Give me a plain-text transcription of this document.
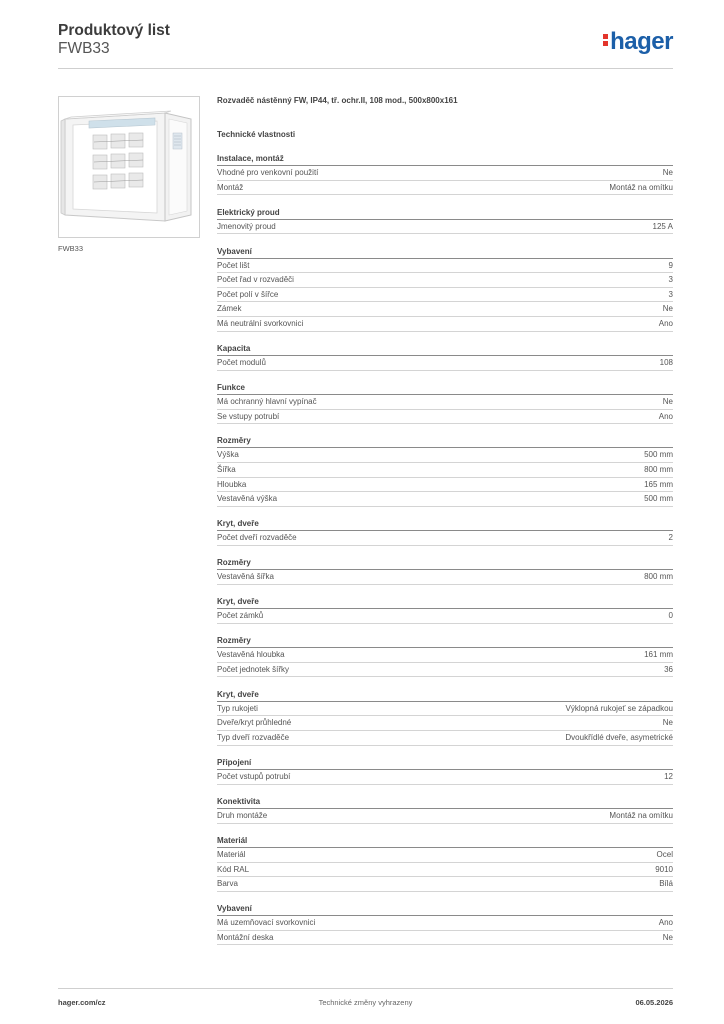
Produktový list
FWB33	hager
FWB33
Rozvaděč nástěnný FW, IP44, tř. ochr.II, 108 mod., 500x800x161
Technické vlastnosti
Instalace, montáž
Vhodné pro venkovní použití	Ne
Montáž	Montáž na omítku
Elektrický proud
Jmenovitý proud	125 A
Vybavení
Počet lišt	9
Počet řad v rozvaděči	3
Počet polí v šířce	3
Zámek	Ne
Má neutrální svorkovnici	Ano
Kapacita
Počet modulů	108
Funkce
Má ochranný hlavní vypínač	Ne
Se vstupy potrubí	Ano
Rozměry
Výška	500 mm
Šířka	800 mm
Hloubka	165 mm
Vestavěná výška	500 mm
Kryt, dveře
Počet dveří rozvaděče	2
Rozměry
Vestavěná šířka	800 mm
Kryt, dveře
Počet zámků	0
Rozměry
Vestavěná hloubka	161 mm
Počet jednotek šířky	36
Kryt, dveře
Typ rukojeti	Výklopná rukojeť se západkou
Dveře/kryt průhledné	Ne
Typ dveří rozvaděče	Dvoukřídlé dveře, asymetrické
Připojení
Počet vstupů potrubí	12
Konektivita
Druh montáže	Montáž na omítku
Materiál
Materiál	Ocel
Kód RAL	9010
Barva	Bílá
Vybavení
Má uzemňovací svorkovnici	Ano
Montážní deska	Ne
hager.com/cz	Technické změny vyhrazeny	06.05.2026
